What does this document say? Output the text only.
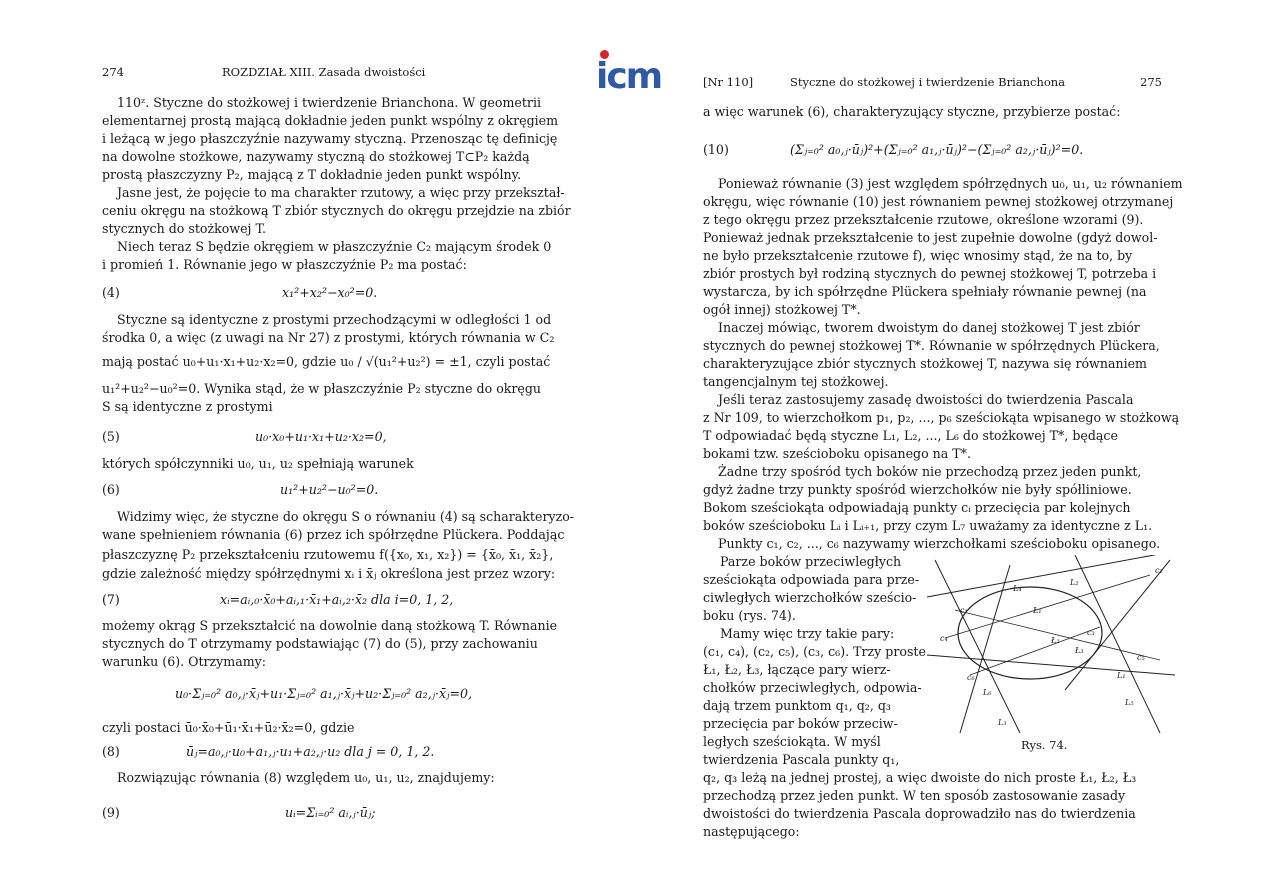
274	ROZDZIAŁ XIII. Zasada dwoistości
110ᶻ. Styczne do stożkowej i twierdzenie Brianchona. W geometrii
elementarnej prostą mającą dokładnie jeden punkt wspólny z okręgiem
i leżącą w jego płaszczyźnie nazywamy styczną. Przenosząc tę definicję
na dowolne stożkowe, nazywamy styczną do stożkowej T⊂P₂ każdą
prostą płaszczyzny P₂, mającą z T dokładnie jeden punkt wspólny.
Jasne jest, że pojęcie to ma charakter rzutowy, a więc przy przekształ-
ceniu okręgu na stożkową T zbiór stycznych do okręgu przejdzie na zbiór
stycznych do stożkowej T.
Niech teraz S będzie okręgiem w płaszczyźnie C₂ mającym środek 0
i promień 1. Równanie jego w płaszczyźnie P₂ ma postać:
(4)	x₁²+x₂²−x₀²=0.
Styczne są identyczne z prostymi przechodzącymi w odległości 1 od
środka 0, a więc (z uwagi na Nr 27) z prostymi, których równania w C₂
mają postać u₀+u₁·x₁+u₂·x₂=0, gdzie u₀ / √(u₁²+u₂²) = ±1, czyli postać
u₁²+u₂²−u₀²=0. Wynika stąd, że w płaszczyźnie P₂ styczne do okręgu
S są identyczne z prostymi
(5)	u₀·x₀+u₁·x₁+u₂·x₂=0,
których spółczynniki u₀, u₁, u₂ spełniają warunek
(6)	u₁²+u₂²−u₀²=0.
Widzimy więc, że styczne do okręgu S o równaniu (4) są scharakteryzo-
wane spełnieniem równania (6) przez ich spółrzędne Plückera. Poddając
płaszczyznę P₂ przekształceniu rzutowemu f({x₀, x₁, x₂}) = {x̄₀, x̄₁, x̄₂},
gdzie zależność między spółrzędnymi xᵢ i x̄ⱼ określona jest przez wzory:
(7)	xᵢ=aᵢ,₀·x̄₀+aᵢ,₁·x̄₁+aᵢ,₂·x̄₂ dla i=0, 1, 2,
możemy okrąg S przekształcić na dowolnie daną stożkową T. Równanie
stycznych do T otrzymamy podstawiając (7) do (5), przy zachowaniu
warunku (6). Otrzymamy:
u₀·Σⱼ₌₀² a₀,ⱼ·x̄ⱼ+u₁·Σⱼ₌₀² a₁,ⱼ·x̄ⱼ+u₂·Σⱼ₌₀² a₂,ⱼ·x̄ⱼ=0,
czyli postaci ū₀·x̄₀+ū₁·x̄₁+ū₂·x̄₂=0, gdzie
(8)	ūⱼ=a₀,ⱼ·u₀+a₁,ⱼ·u₁+a₂,ⱼ·u₂ dla j = 0, 1, 2.
Rozwiązując równania (8) względem u₀, u₁, u₂, znajdujemy:
(9)	uᵢ=Σᵢ₌₀² aᵢ,ⱼ·ūⱼ;
icm	[Nr 110]	Styczne do stożkowej i twierdzenie Brianchona	275
a więc warunek (6), charakteryzujący styczne, przybierze postać:
(10)	(Σⱼ₌₀² a₀,ⱼ·ūⱼ)²+(Σⱼ₌₀² a₁,ⱼ·ūⱼ)²−(Σⱼ₌₀² a₂,ⱼ·ūⱼ)²=0.
Ponieważ równanie (3) jest względem spółrzędnych u₀, u₁, u₂ równaniem
okręgu, więc równanie (10) jest równaniem pewnej stożkowej otrzymanej
z tego okręgu przez przekształcenie rzutowe, określone wzorami (9).
Ponieważ jednak przekształcenie to jest zupełnie dowolne (gdyż dowol-
ne było przekształcenie rzutowe f), więc wnosimy stąd, że na to, by
zbiór prostych był rodziną stycznych do pewnej stożkowej T, potrzeba i
wystarcza, by ich spółrzędne Plückera spełniały równanie pewnej (na
ogół innej) stożkowej T*.
Inaczej mówiąc, tworem dwoistym do danej stożkowej T jest zbiór
stycznych do pewnej stożkowej T*. Równanie w spółrzędnych Plückera,
charakteryzujące zbiór stycznych stożkowej T, nazywa się równaniem
tangencjalnym tej stożkowej.
Jeśli teraz zastosujemy zasadę dwoistości do twierdzenia Pascala
z Nr 109, to wierzchołkom p₁, p₂, ..., p₆ sześciokąta wpisanego w stożkową
T odpowiadać będą styczne L₁, L₂, ..., L₆ do stożkowej T*, będące
bokami tzw. sześcioboku opisanego na T*.
Żadne trzy spośród tych boków nie przechodzą przez jeden punkt,
gdyż żadne trzy punkty spośród wierzchołków nie były spółliniowe.
Bokom sześciokąta odpowiadają punkty cᵢ przecięcia par kolejnych
boków sześcioboku Lᵢ i Lᵢ₊₁, przy czym L₇ uważamy za identyczne z L₁.
Punkty c₁, c₂, ..., c₆ nazywamy wierzchołkami sześcioboku opisanego.
Parze boków przeciwległych
sześciokąta odpowiada para prze-
ciwległych wierzchołków sześcio-
boku (rys. 74).
Mamy więc trzy takie pary:
(c₁, c₄), (c₂, c₅), (c₃, c₆). Trzy proste
Ł₁, Ł₂, Ł₃, łączące pary wierz-
chołków przeciwległych, odpowia-
dają trzem punktom q₁, q₂, q₃
przecięcia par boków przeciw-
ległych sześciokąta. W myśl
twierdzenia Pascala punkty q₁,
q₂, q₃ leżą na jednej prostej, a więc dwoiste do nich proste Ł₁, Ł₂, Ł₃
przechodzą przez jeden punkt. W ten sposób zastosowanie zasady
dwoistości do twierdzenia Pascala doprowadziło nas do twierdzenia
następującego:
Rys. 74.
c₁
c₂
c₃
c₄
c₅
c₆	L₁
L₂
L₃
L₄
L₅
L₆
Ł₁
Ł₂
Ł₃
